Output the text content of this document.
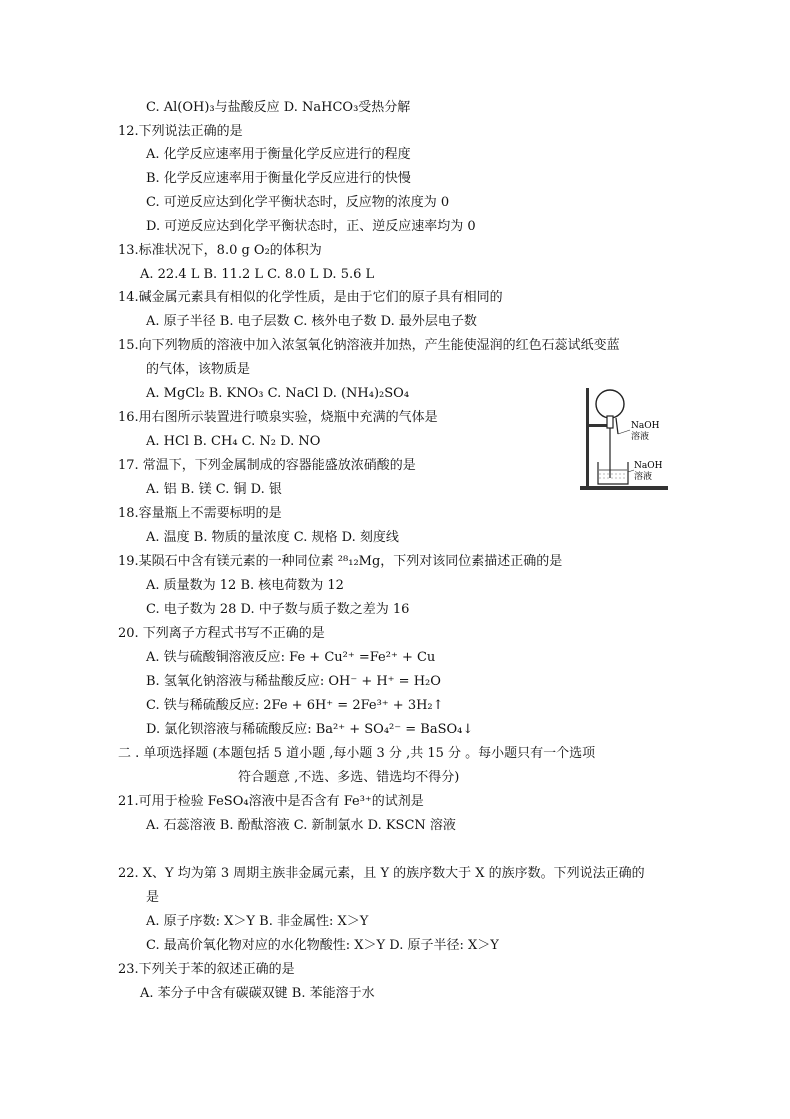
C. Al(OH)₃与盐酸反应 D. NaHCO₃受热分解
12.下列说法正确的是
A. 化学反应速率用于衡量化学反应进行的程度
B. 化学反应速率用于衡量化学反应进行的快慢
C. 可逆反应达到化学平衡状态时，反应物的浓度为 0
D. 可逆反应达到化学平衡状态时，正、逆反应速率均为 0
13.标准状况下，8.0 g O₂的体积为
A. 22.4 L B. 11.2 L C. 8.0 L D. 5.6 L
14.碱金属元素具有相似的化学性质，是由于它们的原子具有相同的
A. 原子半径 B. 电子层数 C. 核外电子数 D. 最外层电子数
15.向下列物质的溶液中加入浓氢氧化钠溶液并加热，产生能使湿润的红色石蕊试纸变蓝
的气体，该物质是
A. MgCl₂ B. KNO₃ C. NaCl D. (NH₄)₂SO₄
16.用右图所示装置进行喷泉实验，烧瓶中充满的气体是
A. HCl B. CH₄ C. N₂ D. NO
17. 常温下，下列金属制成的容器能盛放浓硝酸的是
A. 铝 B. 镁 C. 铜 D. 银
18.容量瓶上不需要标明的是
A. 温度 B. 物质的量浓度 C. 规格 D. 刻度线
19.某陨石中含有镁元素的一种同位素 ²⁸₁₂Mg，下列对该同位素描述正确的是
A. 质量数为 12 B. 核电荷数为 12
C. 电子数为 28 D. 中子数与质子数之差为 16
20. 下列离子方程式书写不正确的是
A. 铁与硫酸铜溶液反应: Fe + Cu²⁺ =Fe²⁺ + Cu
B. 氢氧化钠溶液与稀盐酸反应: OH⁻ + H⁺ = H₂O
C. 铁与稀硫酸反应: 2Fe + 6H⁺ = 2Fe³⁺ + 3H₂↑
D. 氯化钡溶液与稀硫酸反应: Ba²⁺ + SO₄²⁻ = BaSO₄↓
二 . 单项选择题 (本题包括 5 道小题 ,每小题 3 分 ,共 15 分 。每小题只有一个选项
符合题意 ,不选、多选、错选均不得分)
21.可用于检验 FeSO₄溶液中是否含有 Fe³⁺的试剂是
A. 石蕊溶液 B. 酚酞溶液 C. 新制氯水 D. KSCN 溶液
22. X、Y 均为第 3 周期主族非金属元素，且 Y 的族序数大于 X 的族序数。下列说法正确的
是
A. 原子序数: X＞Y B. 非金属性: X＞Y
C. 最高价氧化物对应的水化物酸性: X＞Y D. 原子半径: X＞Y
23.下列关于苯的叙述正确的是
A. 苯分子中含有碳碳双键 B. 苯能溶于水
NaOH
溶液
NaOH
溶液
